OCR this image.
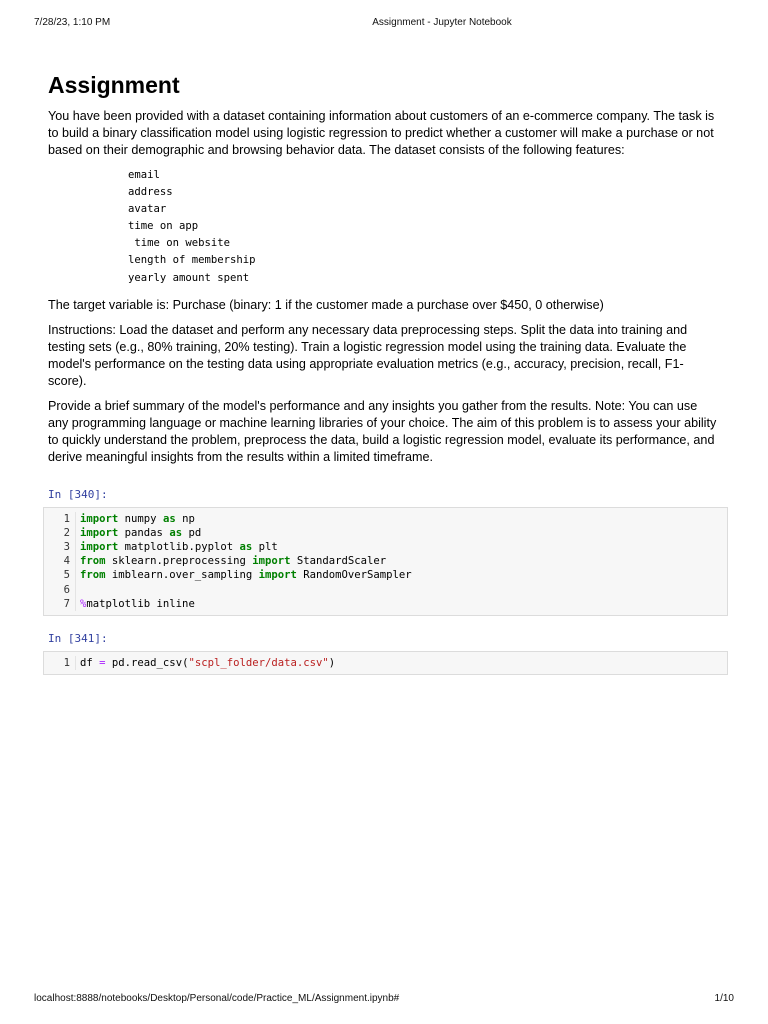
7/28/23, 1:10 PM	Assignment - Jupyter Notebook
Assignment

You have been provided with a dataset containing information about customers of an e-commerce company. The task is to build a binary classification model using logistic regression to predict whether a customer will make a purchase or not based on their demographic and browsing behavior data. The dataset consists of the following features:

email
address
avatar
time on app
time on website
length of membership
yearly amount spent

The target variable is: Purchase (binary: 1 if the customer made a purchase over $450, 0 otherwise)

Instructions: Load the dataset and perform any necessary data preprocessing steps. Split the data into training and testing sets (e.g., 80% training, 20% testing). Train a logistic regression model using the training data. Evaluate the model's performance on the testing data using appropriate evaluation metrics (e.g., accuracy, precision, recall, F1-score).

Provide a brief summary of the model's performance and any insights you gather from the results. Note: You can use any programming language or machine learning libraries of your choice. The aim of this problem is to assess your ability to quickly understand the problem, preprocess the data, build a logistic regression model, evaluate its performance, and derive meaningful insights from the results within a limited timeframe.

In [340]:
1
2
3
4
5
6
7
import numpy as np
import pandas as pd
import matplotlib.pyplot as plt
from sklearn.preprocessing import StandardScaler
from imblearn.over_sampling import RandomOverSampler

%matplotlib inline
In [341]:
1 df = pd.read_csv("scpl_folder/data.csv")
localhost:8888/notebooks/Desktop/Personal/code/Practice_ML/Assignment.ipynb#	1/10
